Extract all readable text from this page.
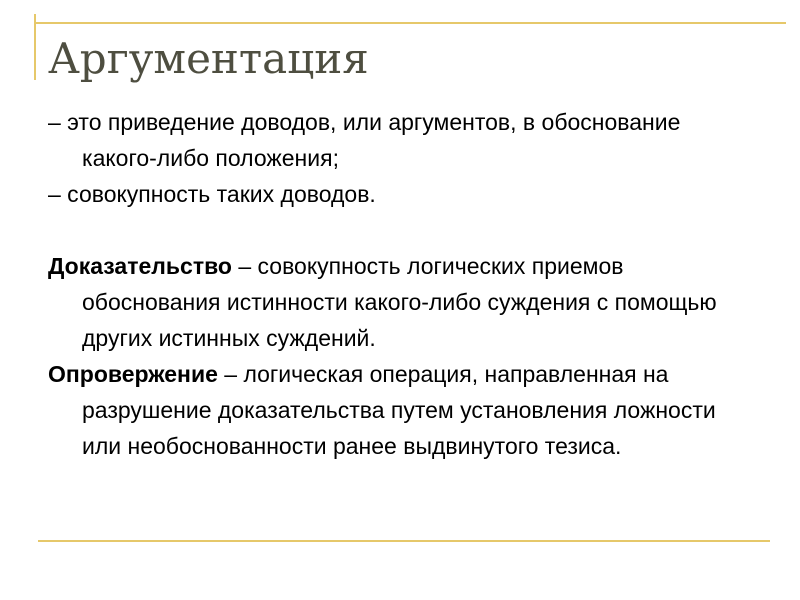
Аргументация

– это приведение доводов, или аргументов, в обоснование какого-либо положения;

– совокупность таких доводов.

Доказательство – совокупность логических приемов обоснования истинности какого-либо суждения с помощью других истинных суждений.

Опровержение – логическая операция, направленная на разрушение доказательства путем установления ложности или необоснованности ранее выдвинутого тезиса.
